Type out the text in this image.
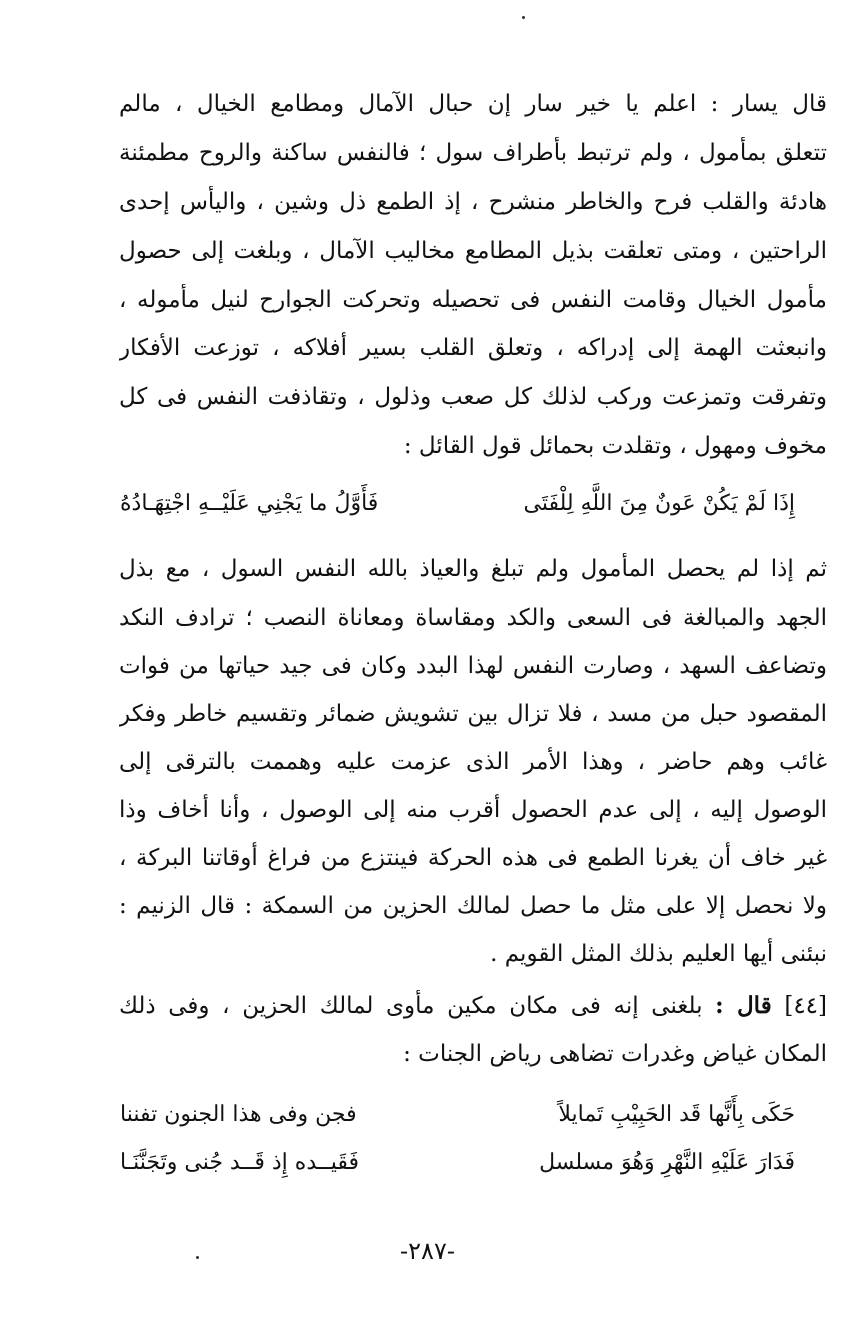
قال يسار : اعلم يا خير سار إن حبال الآمال ومطامع الخيال ، مالم
تتعلق بمأمول ، ولم ترتبط بأطراف سول ؛ فالنفس ساكنة والروح مطمئنة
هادئة والقلب فرح والخاطر منشرح ، إذ الطمع ذل وشين ، واليأس إحدى
الراحتين ، ومتى تعلقت بذيل المطامع مخاليب الآمال ، وبلغت إلى حصول
مأمول الخيال وقامت النفس فى تحصيله وتحركت الجوارح لنيل مأموله ،
وانبعثت الهمة إلى إدراكه ، وتعلق القلب بسير أفلاكه ، توزعت الأفكار
وتفرقت وتمزعت وركب لذلك كل صعب وذلول ، وتقاذفت النفس فى كل
مخوف ومهول ، وتقلدت بحمائل قول القائل :
إِذَا لَمْ يَكُنْ عَونٌ مِنَ اللَّهِ لِلْفَتَى
فَأَوَّلُ ما يَجْنِي عَلَيْــهِ اجْتِهَـادُهُ
ثم إذا لم يحصل المأمول ولم تبلغ والعياذ بالله النفس السول ، مع بذل
الجهد والمبالغة فى السعى والكد ومقاساة ومعاناة النصب ؛ ترادف النكد
وتضاعف السهد ، وصارت النفس لهذا البدد وكان فى جيد حياتها من فوات
المقصود حبل من مسد ، فلا تزال بين تشويش ضمائر وتقسيم خاطر وفكر
غائب وهم حاضر ، وهذا الأمر الذى عزمت عليه وهممت بالترقى إلى
الوصول إليه ، إلى عدم الحصول أقرب منه إلى الوصول ، وأنا أخاف وذا
غير خاف أن يغرنا الطمع فى هذه الحركة فينتزع من فراغ أوقاتنا البركة ،
ولا نحصل إلا على مثل ما حصل لمالك الحزين من السمكة : قال الزنيم :
نبئنى أيها العليم بذلك المثل القويم .
[٤٤] قال : بلغنى إنه فى مكان مكين مأوى لمالك الحزين ، وفى ذلك
المكان غياض وغدرات تضاهى رياض الجنات :
حَكَى بِأَنَّها قَد الحَبِيْبِ تَمايلاً
فجن وفى هذا الجنون تفننا
فَدَارَ عَلَيْهِ النَّهْرِ وَهُوَ مسلسل
فَقَيــده إِذ قَــد جُنى وتَجَنَّنَـا
-٢٨٧-
